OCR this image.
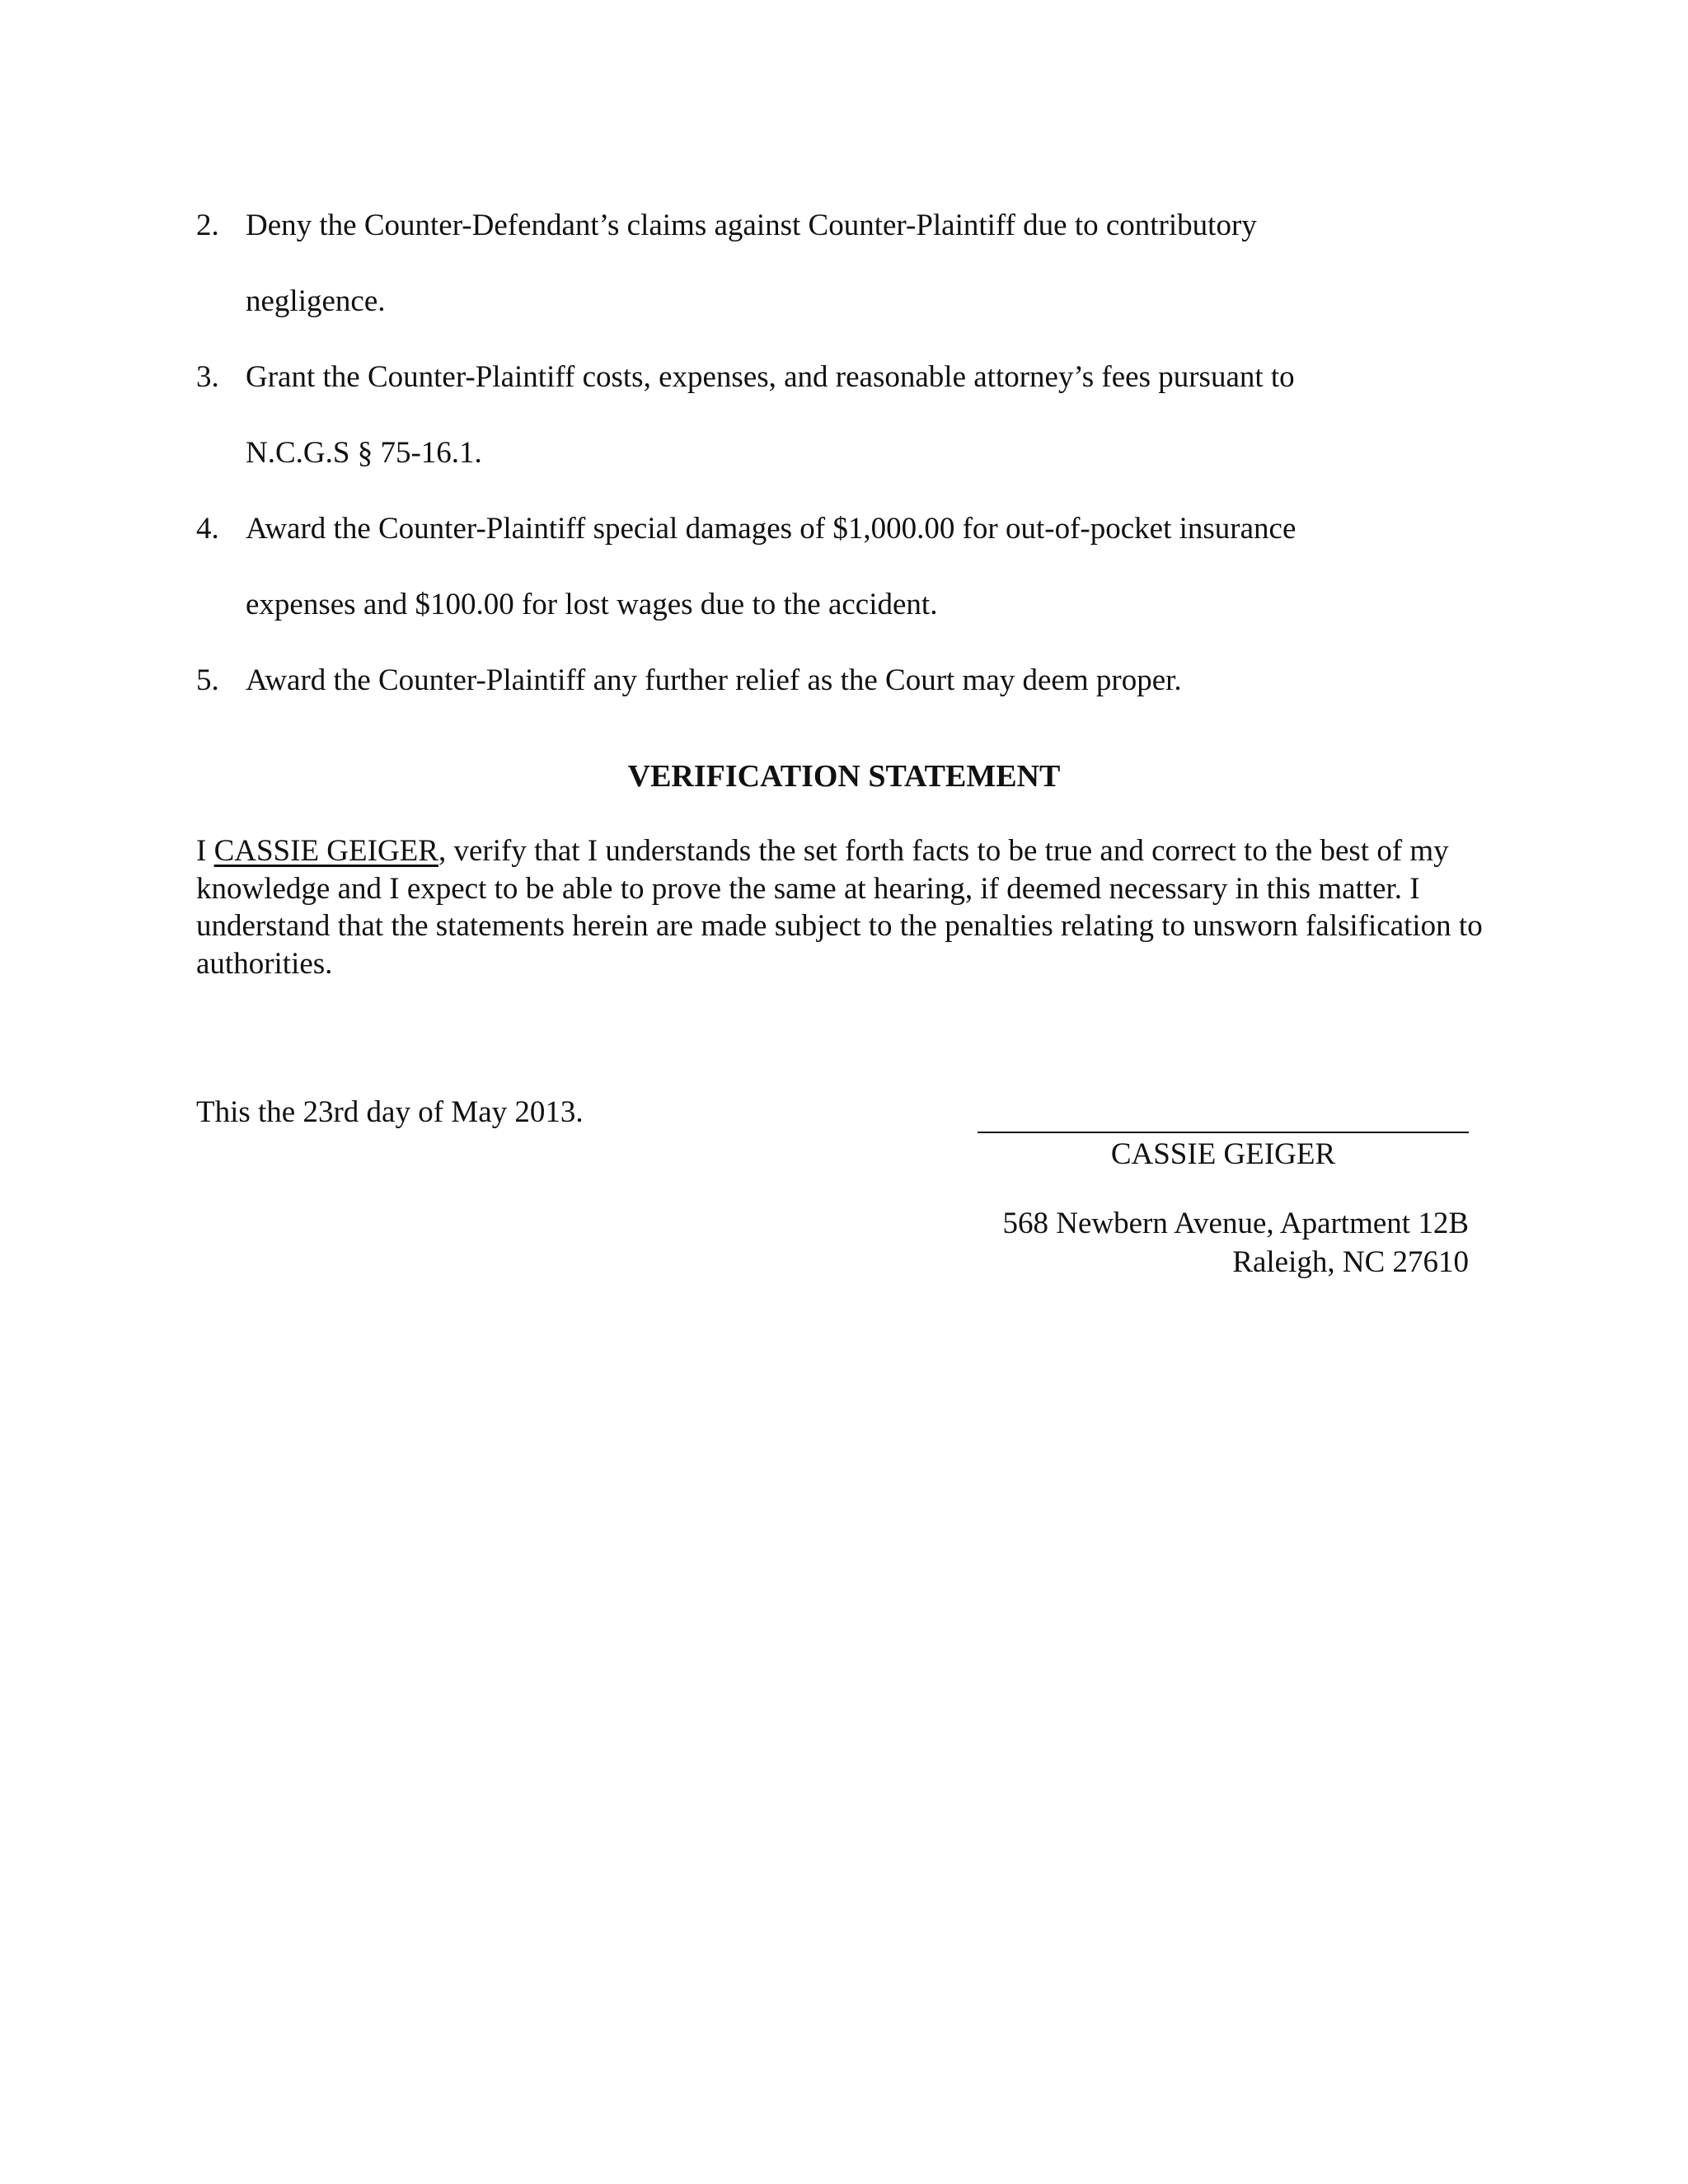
2. Deny the Counter-Defendant’s claims against Counter-Plaintiff due to contributory
negligence.
3. Grant the Counter-Plaintiff costs, expenses, and reasonable attorney’s fees pursuant to
N.C.G.S § 75-16.1.
4. Award the Counter-Plaintiff special damages of $1,000.00 for out-of-pocket insurance
expenses and $100.00 for lost wages due to the accident.
5. Award the Counter-Plaintiff any further relief as the Court may deem proper.
VERIFICATION STATEMENT

I CASSIE GEIGER, verify that I understands the set forth facts to be true and correct to the best of my knowledge and I expect to be able to prove the same at hearing, if deemed necessary in this matter. I understand that the statements herein are made subject to the penalties relating to unsworn falsification to authorities.

This the 23rd day of May 2013.

CASSIE GEIGER

568 Newbern Avenue, Apartment 12B
Raleigh, NC 27610
